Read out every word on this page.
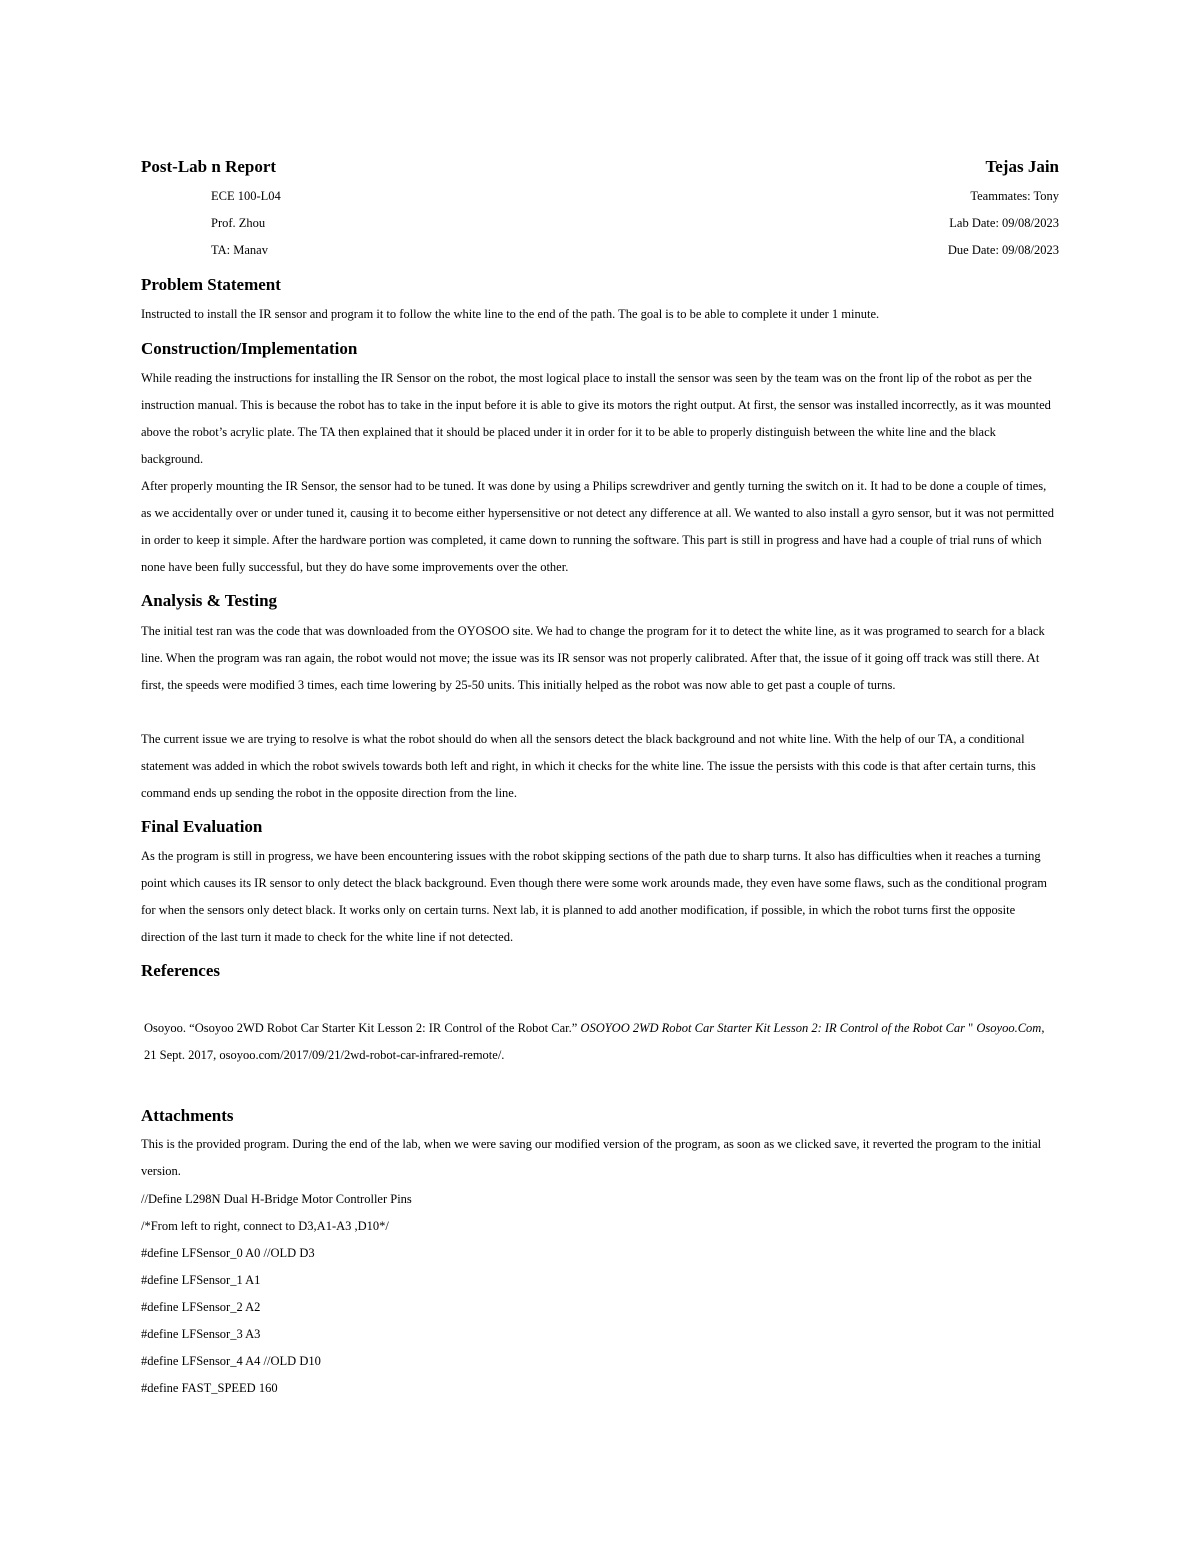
Post-Lab n Report	Tejas Jain
ECE 100-L04
Prof. Zhou
TA: Manav
Teammates: Tony
Lab Date: 09/08/2023
Due Date: 09/08/2023
Problem Statement
Instructed to install the IR sensor and program it to follow the white line to the end of the path. The goal is to be able to complete it under 1 minute.
Construction/Implementation
While reading the instructions for installing the IR Sensor on the robot, the most logical place to install the sensor was seen by the team was on the front lip of the robot as per the instruction manual. This is because the robot has to take in the input before it is able to give its motors the right output. At first, the sensor was installed incorrectly, as it was mounted above the robot’s acrylic plate. The TA then explained that it should be placed under it in order for it to be able to properly distinguish between the white line and the black background.
After properly mounting the IR Sensor, the sensor had to be tuned. It was done by using a Philips screwdriver and gently turning the switch on it. It had to be done a couple of times, as we accidentally over or under tuned it, causing it to become either hypersensitive or not detect any difference at all. We wanted to also install a gyro sensor, but it was not permitted in order to keep it simple. After the hardware portion was completed, it came down to running the software. This part is still in progress and have had a couple of trial runs of which none have been fully successful, but they do have some improvements over the other.
Analysis & Testing
The initial test ran was the code that was downloaded from the OYOSOO site. We had to change the program for it to detect the white line, as it was programed to search for a black line. When the program was ran again, the robot would not move; the issue was its IR sensor was not properly calibrated. After that, the issue of it going off track was still there. At first, the speeds were modified 3 times, each time lowering by 25-50 units. This initially helped as the robot was now able to get past a couple of turns.
The current issue we are trying to resolve is what the robot should do when all the sensors detect the black background and not white line. With the help of our TA, a conditional statement was added in which the robot swivels towards both left and right, in which it checks for the white line. The issue the persists with this code is that after certain turns, this command ends up sending the robot in the opposite direction from the line.
Final Evaluation
As the program is still in progress, we have been encountering issues with the robot skipping sections of the path due to sharp turns. It also has difficulties when it reaches a turning point which causes its IR sensor to only detect the black background. Even though there were some work arounds made, they even have some flaws, such as the conditional program for when the sensors only detect black. It works only on certain turns. Next lab, it is planned to add another modification, if possible, in which the robot turns first the opposite direction of the last turn it made to check for the white line if not detected.
References
Osoyoo. “Osoyoo 2WD Robot Car Starter Kit Lesson 2: IR Control of the Robot Car.” OSOYOO 2WD Robot Car Starter Kit Lesson 2: IR Control of the Robot Car " Osoyoo.Com, 21 Sept. 2017, osoyoo.com/2017/09/21/2wd-robot-car-infrared-remote/.
Attachments
This is the provided program. During the end of the lab, when we were saving our modified version of the program, as soon as we clicked save, it reverted the program to the initial version.
//Define L298N Dual H-Bridge Motor Controller Pins
/*From left to right, connect to D3,A1-A3 ,D10*/
#define LFSensor_0 A0 //OLD D3
#define LFSensor_1 A1
#define LFSensor_2 A2
#define LFSensor_3 A3
#define LFSensor_4 A4 //OLD D10
#define FAST_SPEED 160
